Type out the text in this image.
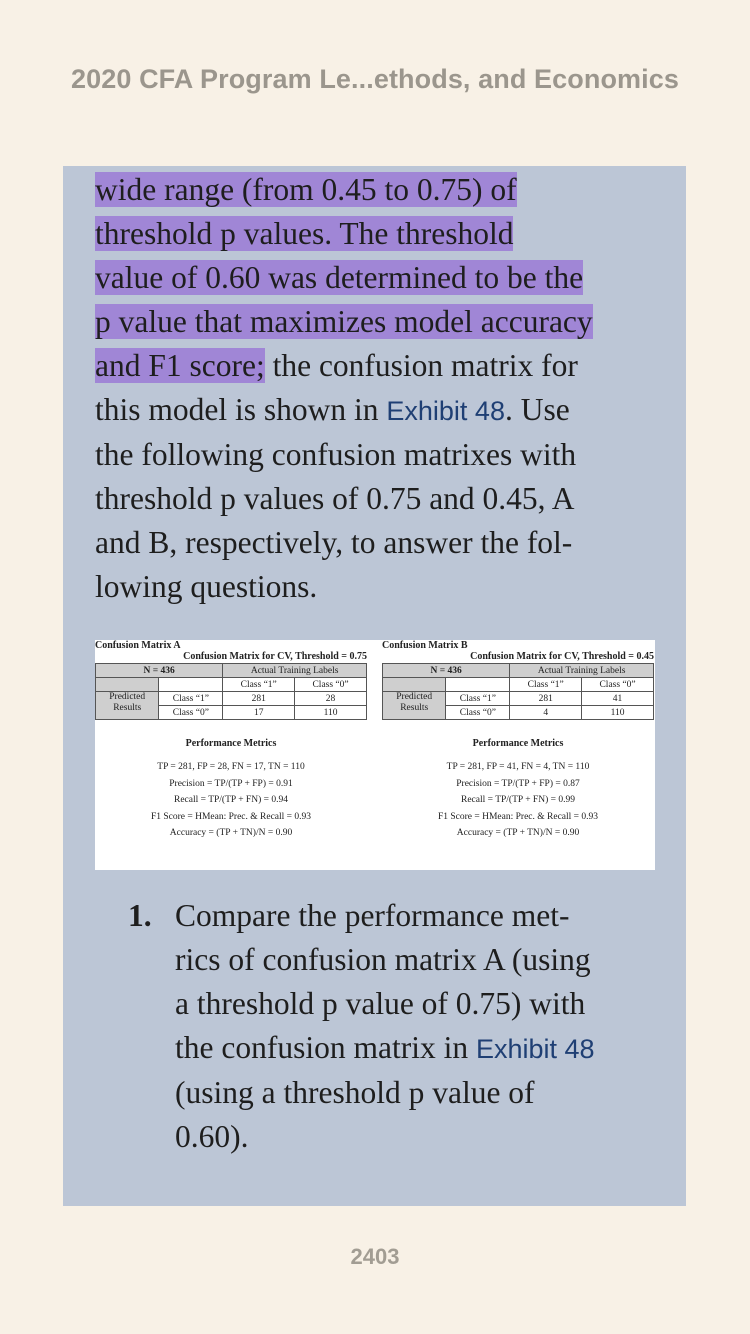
2020 CFA Program Le...ethods, and Economics
wide range (from 0.45 to 0.75) of
threshold p values. The threshold
value of 0.60 was determined to be the
p value that maximizes model accuracy
and F1 score; the confusion matrix for
this model is shown in Exhibit 48. Use
the following confusion matrixes with
threshold p values of 0.75 and 0.45, A
and B, respectively, to answer the fol-
lowing questions.
Confusion Matrix A
Confusion Matrix for CV, Threshold = 0.75
N = 436		Actual Training Labels	
		Class “1”	Class “0”
Predicted
Results	Class “1”	281	28
	Class “0”	17	110
Performance Metrics
TP = 281, FP = 28, FN = 17, TN = 110
Precision = TP/(TP + FP) = 0.91
Recall = TP/(TP + FN) = 0.94
F1 Score = HMean: Prec. & Recall = 0.93
Accuracy = (TP + TN)/N = 0.90
Confusion Matrix B
Confusion Matrix for CV, Threshold = 0.45
N = 436		Actual Training Labels	
		Class “1”	Class “0”
Predicted
Results	Class “1”	281	41
	Class “0”	4	110
Performance Metrics
TP = 281, FP = 41, FN = 4, TN = 110
Precision = TP/(TP + FP) = 0.87
Recall = TP/(TP + FN) = 0.99
F1 Score = HMean: Prec. & Recall = 0.93
Accuracy = (TP + TN)/N = 0.90
1. Compare the performance met-
rics of confusion matrix A (using
a threshold p value of 0.75) with
the confusion matrix in Exhibit 48
(using a threshold p value of
0.60).
2403
